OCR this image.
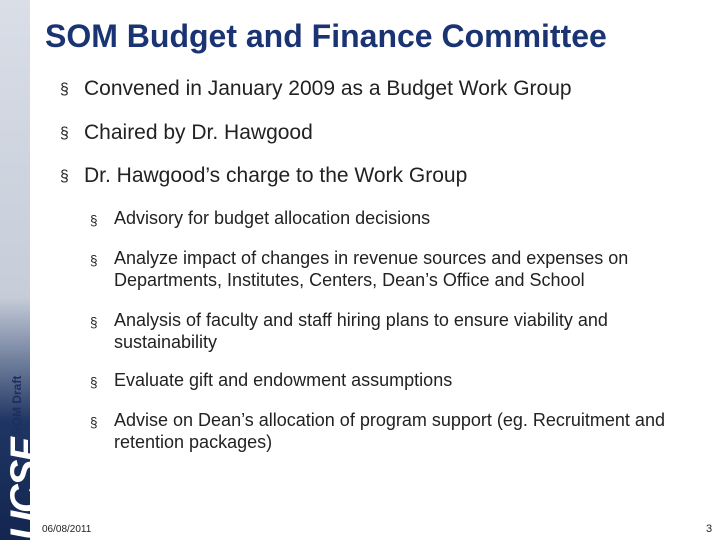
SOM Draft
UCSF
SOM Budget and Finance Committee
§ Convened in January 2009 as a Budget Work Group
§ Chaired by Dr. Hawgood
§ Dr. Hawgood’s charge to the Work Group
§ Advisory for budget allocation decisions
§ Analyze impact of changes in revenue sources and expenses on
Departments, Institutes, Centers, Dean’s Office and School
§ Analysis of faculty and staff hiring plans to ensure viability and
sustainability
§ Evaluate gift and endowment assumptions
§ Advise on Dean’s allocation of program support (eg. Recruitment and
retention packages)
06/08/2011	3
